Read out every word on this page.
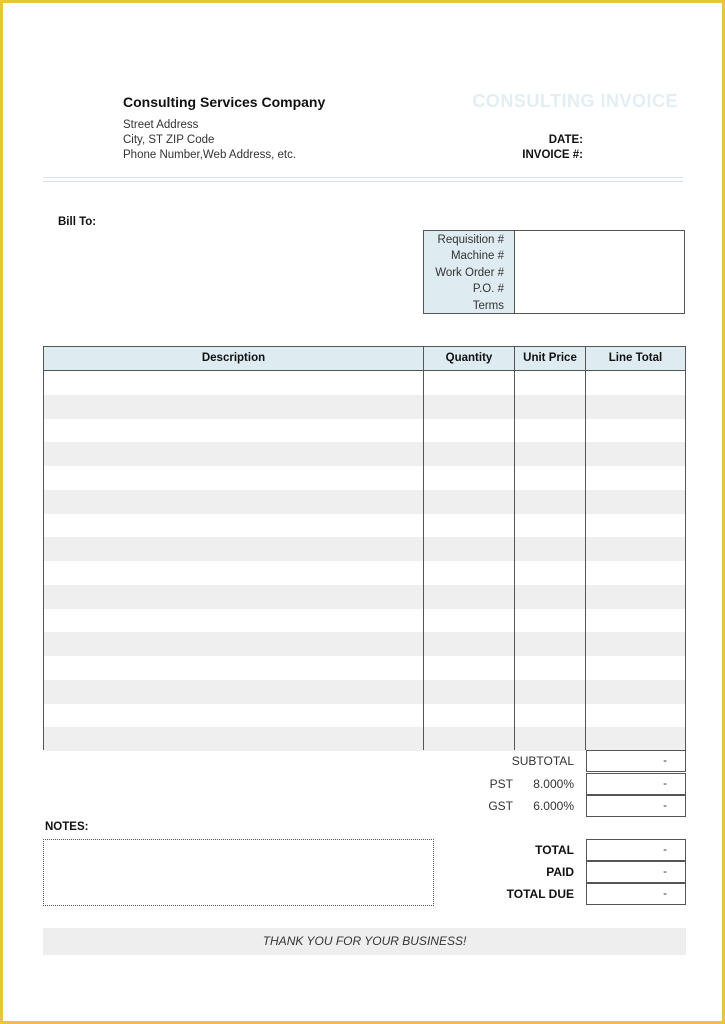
Consulting Services Company
Street Address
City, ST ZIP Code
Phone Number,Web Address, etc.
CONSULTING INVOICE
DATE:
INVOICE #:
Bill To:
Requisition #
Machine #
Work Order #
P.O. #
Terms
Description	Quantity	Unit Price	Line Total
SUBTOTAL	-
PST	8.000%	-
GST	6.000%	-
NOTES:
TOTAL	-
PAID	-
TOTAL DUE	-
THANK YOU FOR YOUR BUSINESS!
